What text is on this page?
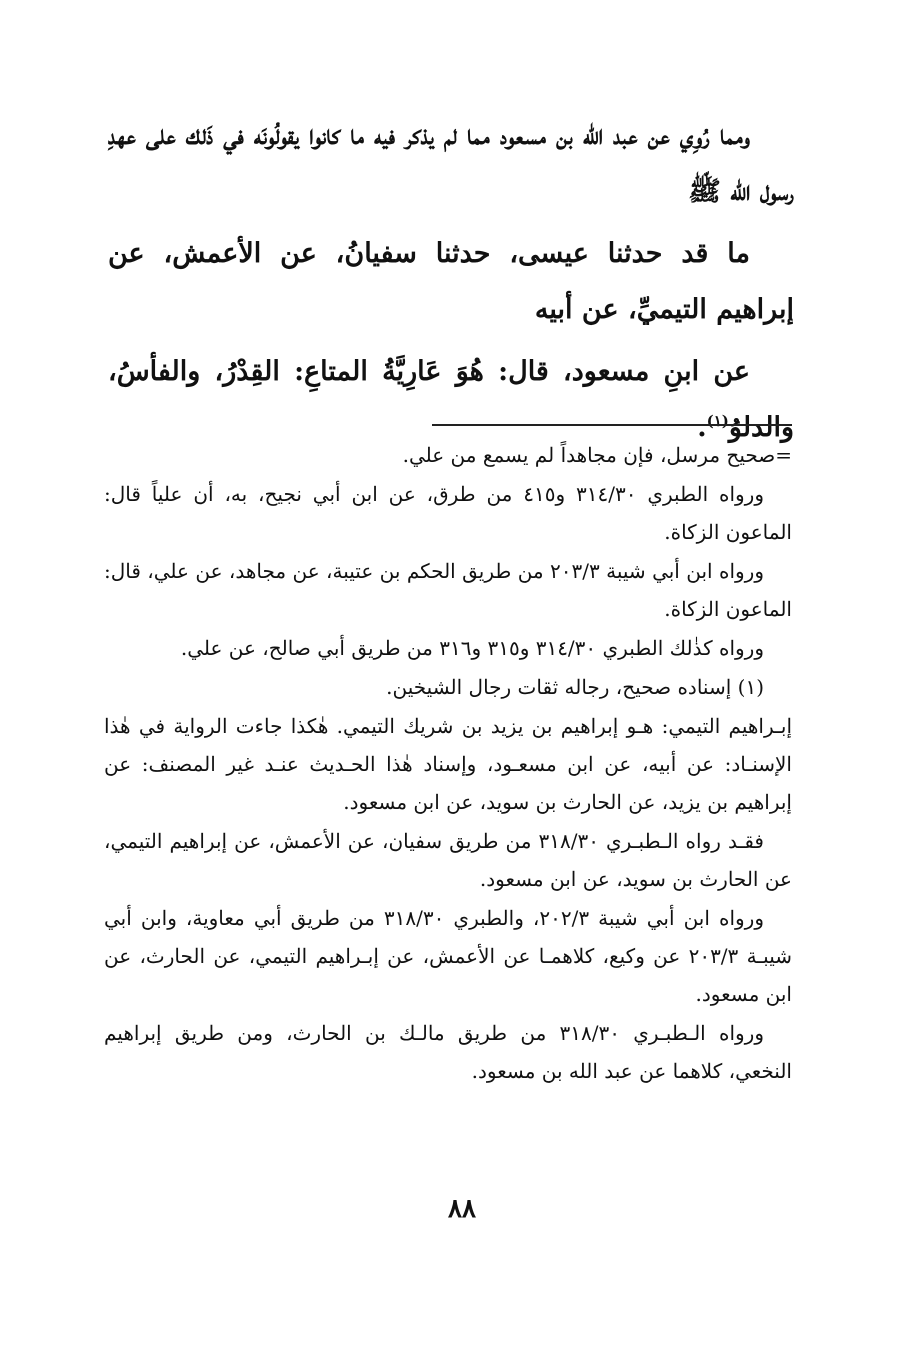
ومما رُوِي عن عبد الله بن مسعود مما لم يذكر فيه ما كانوا يقولُونَه في ذَلك على عهدِ رسول الله ﷺ

ما قد حدثنا عيسى، حدثنا سفيانُ، عن الأعمش، عن إبراهيم التيميِّ، عن أبيه

عن ابنِ مسعود، قال: هُوَ عَارِيَّةُ المتاعِ: القِدْرُ، والفأسُ، والدلوُ$^{(١)}$.

=صحيح مرسل، فإن مجاهداً لم يسمع من علي.

ورواه الطبري ٣١٤/٣٠ و٤١٥ من طرق، عن ابن أبي نجيح، به، أن علياً قال: الماعون الزكاة.

ورواه ابن أبي شيبة ٢٠٣/٣ من طريق الحكم بن عتيبة، عن مجاهد، عن علي، قال: الماعون الزكاة.

ورواه كذٰلك الطبري ٣١٤/٣٠ و٣١٥ و٣١٦ من طريق أبي صالح، عن علي.

(١) إسناده صحيح، رجاله ثقات رجال الشيخين.

إبـراهيم التيمي: هـو إبراهيم بن يزيد بن شريك التيمي. هٰكذا جاءت الرواية في هٰذا الإسنـاد: عن أبيه، عن ابن مسعـود، وإسناد هٰذا الحـديث عنـد غير المصنف: عن إبراهيم بن يزيد، عن الحارث بن سويد، عن ابن مسعود.

فقـد رواه الـطبـري ٣١٨/٣٠ من طريق سفيان، عن الأعمش، عن إبراهيم التيمي، عن الحارث بن سويد، عن ابن مسعود.

ورواه ابن أبي شيبة ٢٠٢/٣، والطبري ٣١٨/٣٠ من طريق أبي معاوية، وابن أبي شيبـة ٢٠٣/٣ عن وكيع، كلاهمـا عن الأعمش، عن إبـراهيم التيمي، عن الحارث، عن ابن مسعود.

ورواه الـطبـري ٣١٨/٣٠ من طريق مالـك بن الحارث، ومن طريق إبراهيم النخعي، كلاهما عن عبد الله بن مسعود.

٨٨
